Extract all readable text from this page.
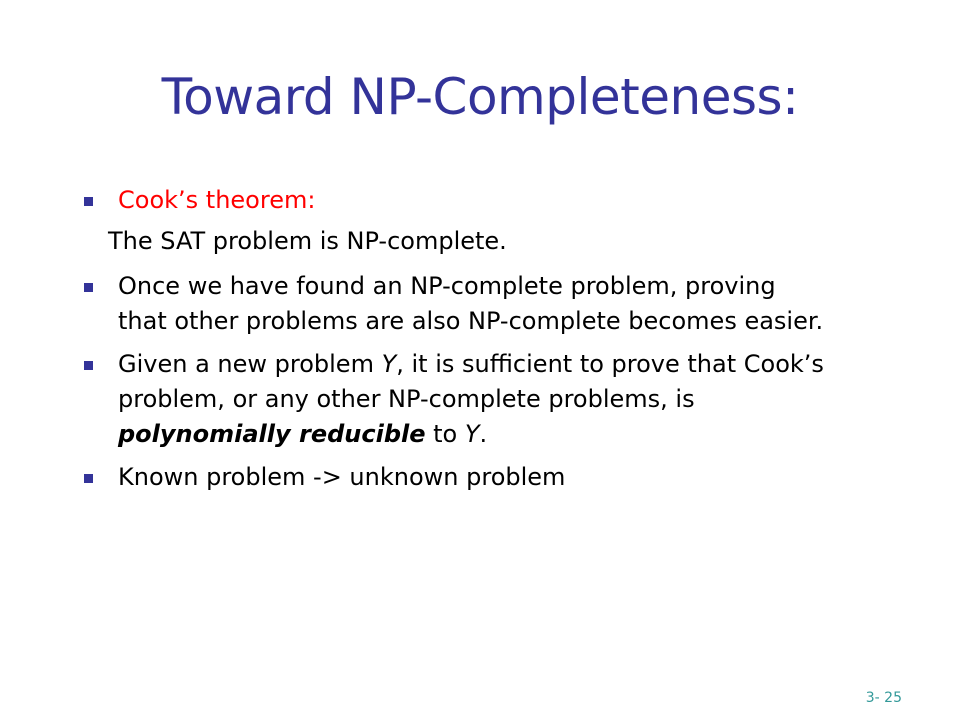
Toward NP-Completeness:
Cook’s theorem:
The SAT problem is NP-complete.
Once we have found an NP-complete problem, proving
that other problems are also NP-complete becomes easier.
Given a new problem Y, it is sufficient to prove that Cook’s
problem, or any other NP-complete problems, is
polynomially reducible to Y.
Known problem -> unknown problem
3- 25
